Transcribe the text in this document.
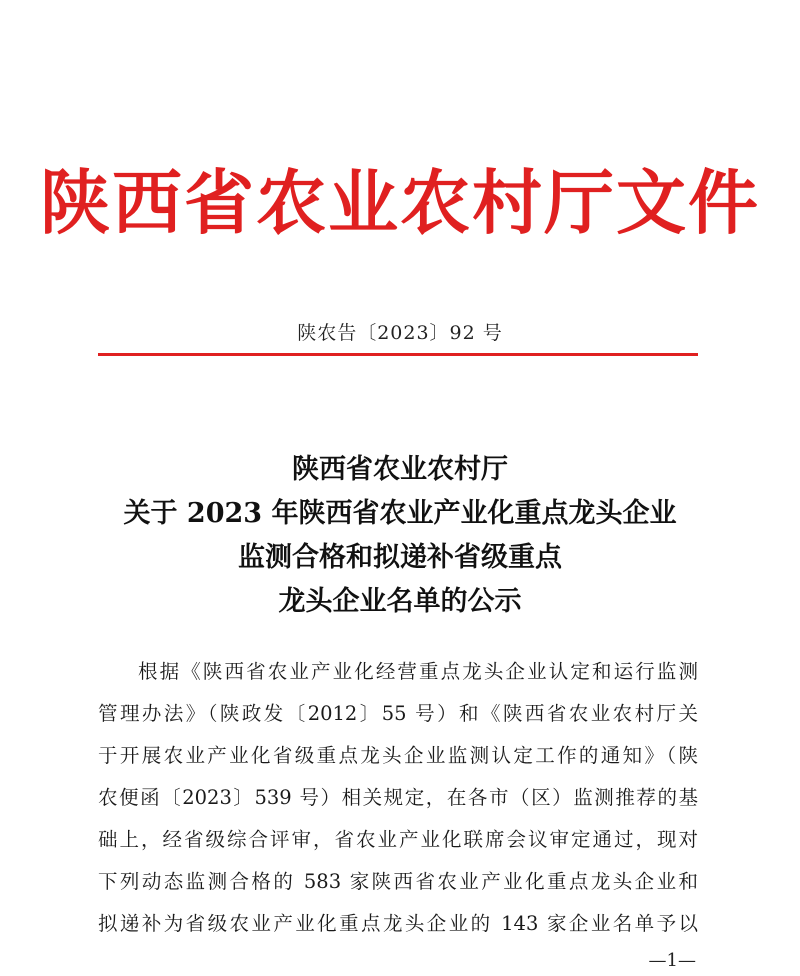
陕西省农业农村厅文件
陕农告〔2023〕92 号
陕西省农业农村厅
关于 2023 年陕西省农业产业化重点龙头企业
监测合格和拟递补省级重点
龙头企业名单的公示
根据《陕西省农业产业化经营重点龙头企业认定和运行监测
管理办法》（陕政发〔2012〕55 号）和《陕西省农业农村厅关
于开展农业产业化省级重点龙头企业监测认定工作的通知》（陕
农便函〔2023〕539 号）相关规定，在各市（区）监测推荐的基
础上，经省级综合评审，省农业产业化联席会议审定通过，现对
下列动态监测合格的 583 家陕西省农业产业化重点龙头企业和
拟递补为省级农业产业化重点龙头企业的 143 家企业名单予以
—1—
